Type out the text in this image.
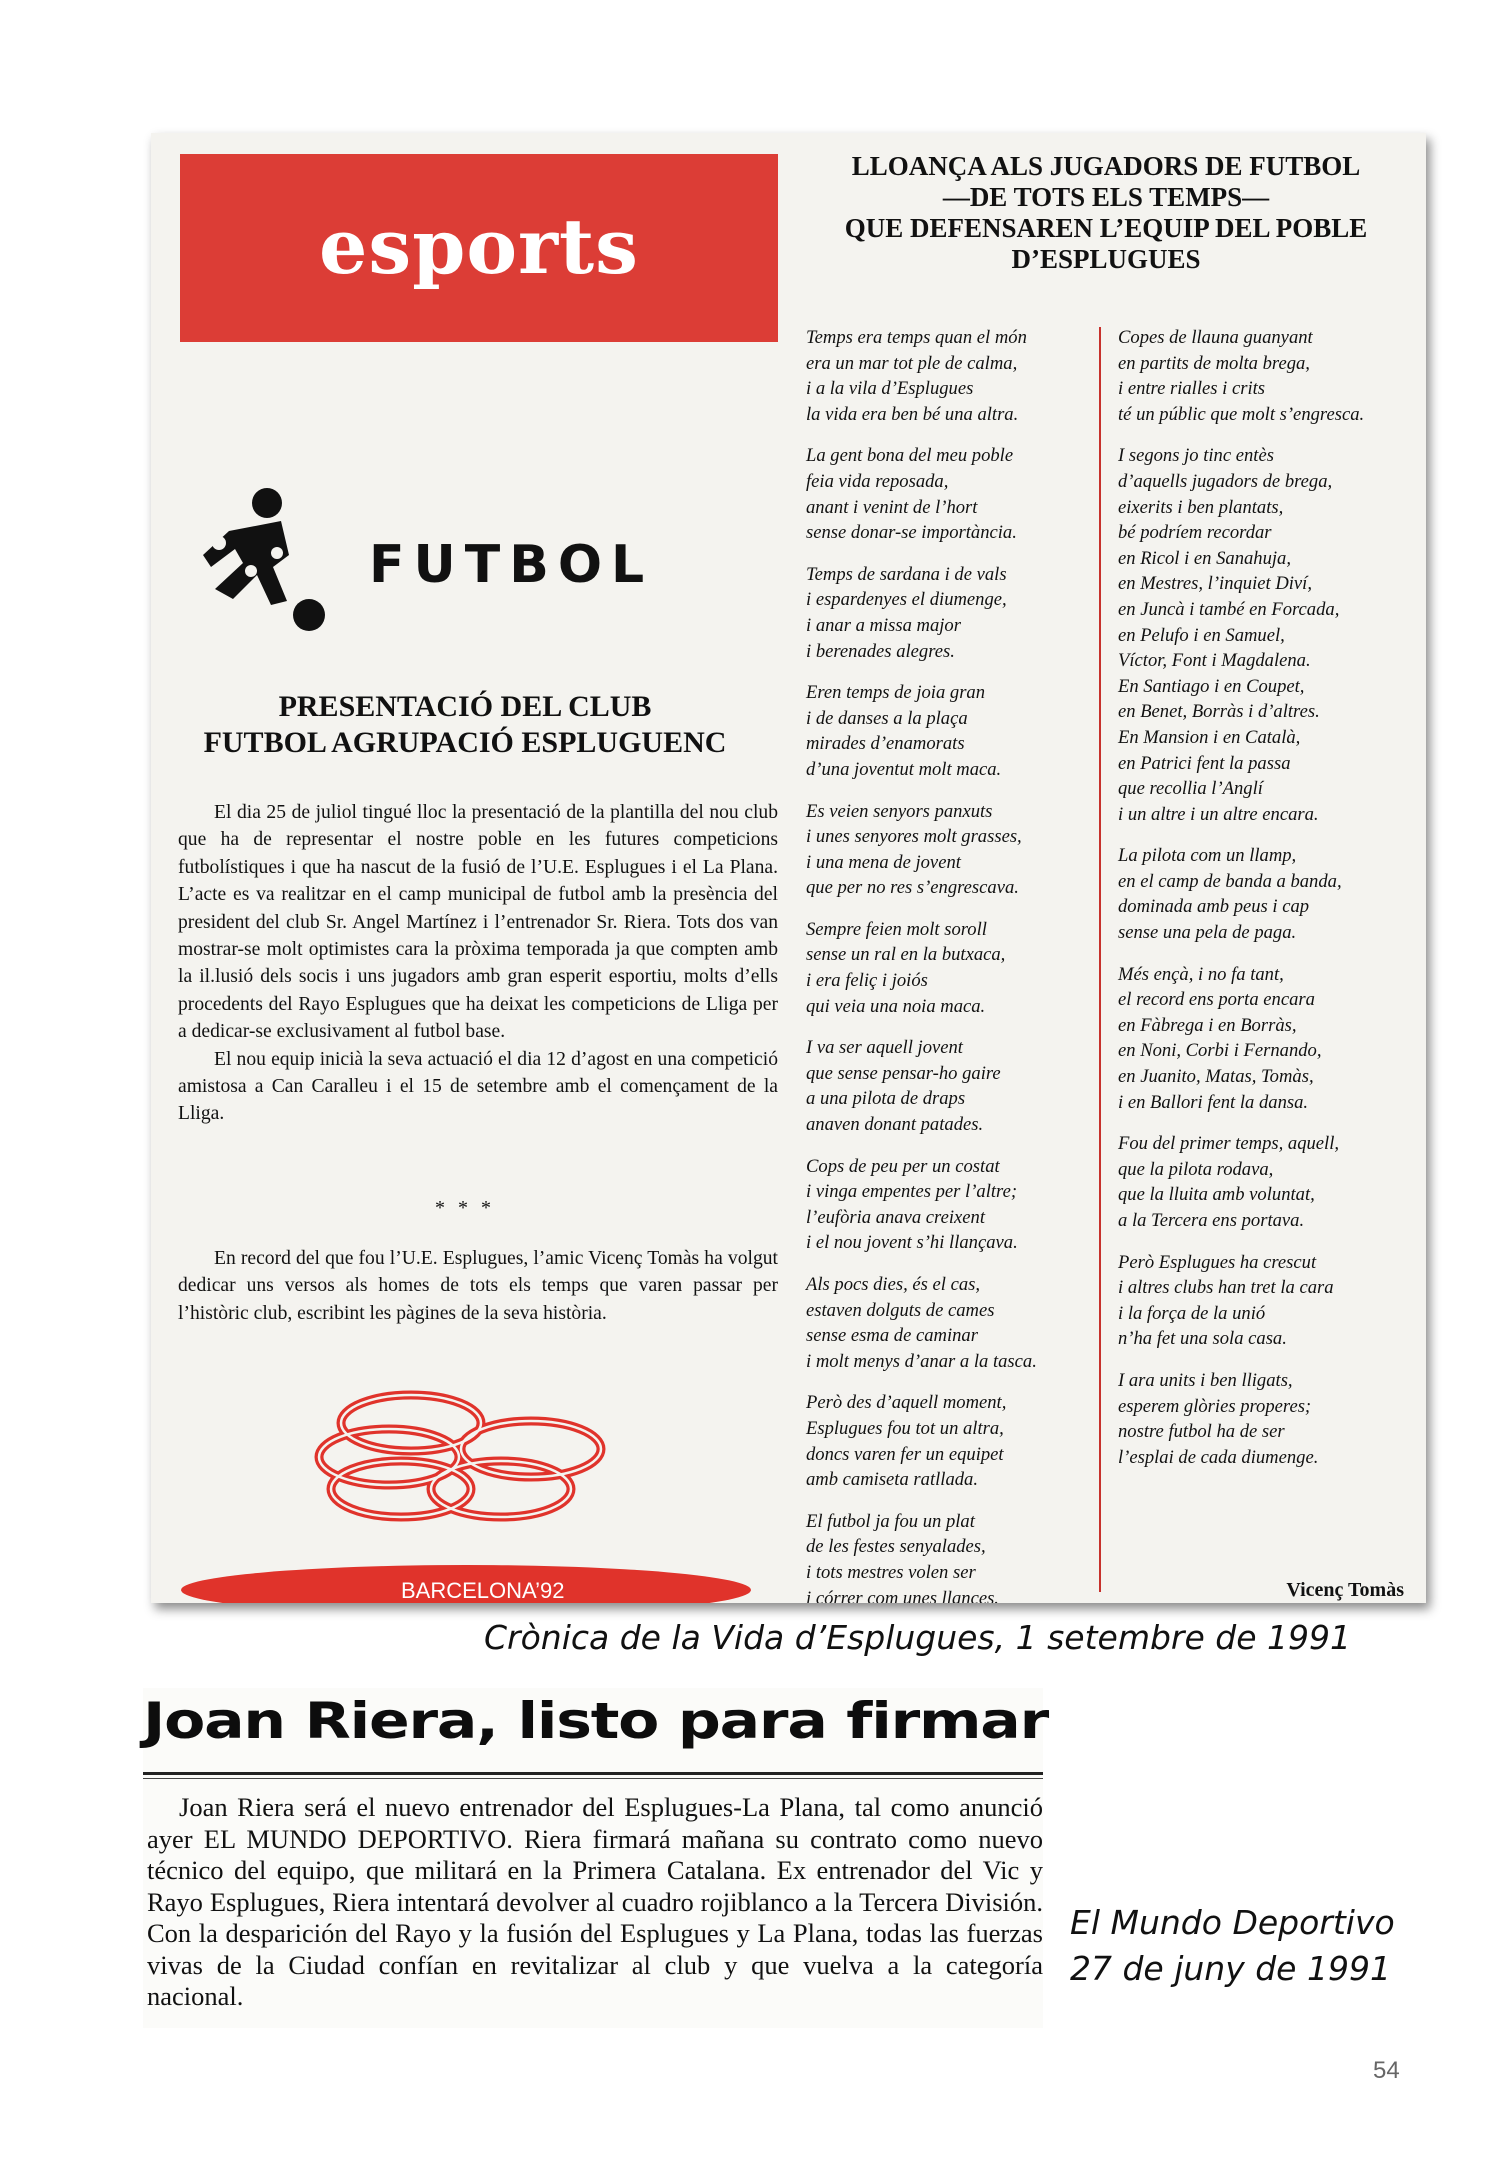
esports
LLOANÇA ALS JUGADORS DE FUTBOL
—DE TOTS ELS TEMPS—
QUE DEFENSAREN L’EQUIP DEL POBLE
D’ESPLUGUES
FUTBOL
PRESENTACIÓ DEL CLUB
FUTBOL AGRUPACIÓ ESPLUGUENC

El dia 25 de juliol tingué lloc la presentació de la plantilla del nou club que ha de representar el nostre poble en les futures competicions futbolístiques i que ha nascut de la fusió de l’U.E. Esplugues i el La Plana. L’acte es va realitzar en el camp municipal de futbol amb la presència del president del club Sr. Angel Martínez i l’entrenador Sr. Riera. Tots dos van mostrar-se molt optimistes cara la pròxima temporada ja que compten amb la il.lusió dels socis i uns jugadors amb gran esperit esportiu, molts d’ells procedents del Rayo Esplugues que ha deixat les competicions de Lliga per a dedicar-se exclusivament al futbol base.

El nou equip inicià la seva actuació el dia 12 d’agost en una competició amistosa a Can Caralleu i el 15 de setembre amb el començament de la Lliga.

* * *

En record del que fou l’U.E. Esplugues, l’amic Vicenç Tomàs ha volgut dedicar uns versos als homes de tots els temps que varen passar per l’històric club, escribint les pàgines de la seva història.

BARCELONA’92
Temps era temps quan el món
era un mar tot ple de calma,
i a la vila d’Esplugues
la vida era ben bé una altra.
La gent bona del meu poble
feia vida reposada,
anant i venint de l’hort
sense donar-se importància.
Temps de sardana i de vals
i espardenyes el diumenge,
i anar a missa major
i berenades alegres.
Eren temps de joia gran
i de danses a la plaça
mirades d’enamorats
d’una joventut molt maca.
Es veien senyors panxuts
i unes senyores molt grasses,
i una mena de jovent
que per no res s’engrescava.
Sempre feien molt soroll
sense un ral en la butxaca,
i era feliç i joiós
qui veia una noia maca.
I va ser aquell jovent
que sense pensar-ho gaire
a una pilota de draps
anaven donant patades.
Cops de peu per un costat
i vinga empentes per l’altre;
l’eufòria anava creixent
i el nou jovent s’hi llançava.
Als pocs dies, és el cas,
estaven dolguts de cames
sense esma de caminar
i molt menys d’anar a la tasca.
Però des d’aquell moment,
Esplugues fou tot un altra,
doncs varen fer un equipet
amb camiseta ratllada.
El futbol ja fou un plat
de les festes senyalades,
i tots mestres volen ser
i córrer com unes llances.
Copes de llauna guanyant
en partits de molta brega,
i entre rialles i crits
té un públic que molt s’engresca.
I segons jo tinc entès
d’aquells jugadors de brega,
eixerits i ben plantats,
bé podríem recordar
en Ricol i en Sanahuja,
en Mestres, l’inquiet Diví,
en Juncà i també en Forcada,
en Pelufo i en Samuel,
Víctor, Font i Magdalena.
En Santiago i en Coupet,
en Benet, Borràs i d’altres.
En Mansion i en Català,
en Patrici fent la passa
que recollia l’Anglí
i un altre i un altre encara.
La pilota com un llamp,
en el camp de banda a banda,
dominada amb peus i cap
sense una pela de paga.
Més ençà, i no fa tant,
el record ens porta encara
en Fàbrega i en Borràs,
en Noni, Corbi i Fernando,
en Juanito, Matas, Tomàs,
i en Ballori fent la dansa.
Fou del primer temps, aquell,
que la pilota rodava,
que la lluita amb voluntat,
a la Tercera ens portava.
Però Esplugues ha crescut
i altres clubs han tret la cara
i la força de la unió
n’ha fet una sola casa.
I ara units i ben lligats,
esperem glòries properes;
nostre futbol ha de ser
l’esplai de cada diumenge.
Vicenç Tomàs
Crònica de la Vida d’Esplugues, 1 setembre de 1991
Joan Riera, listo para firmar
Joan Riera será el nuevo entrenador del Esplugues-La Plana, tal como anunció ayer EL MUNDO DEPORTIVO. Riera firmará mañana su contrato como nuevo técnico del equipo, que militará en la Primera Catalana. Ex entrenador del Vic y Rayo Esplugues, Riera intentará devolver al cuadro rojiblanco a la Tercera División. Con la desparición del Rayo y la fusión del Esplugues y La Plana, todas las fuerzas vivas de la Ciudad confían en revitalizar al club y que vuelva a la categoría nacional.
El Mundo Deportivo
27 de juny de 1991
54
